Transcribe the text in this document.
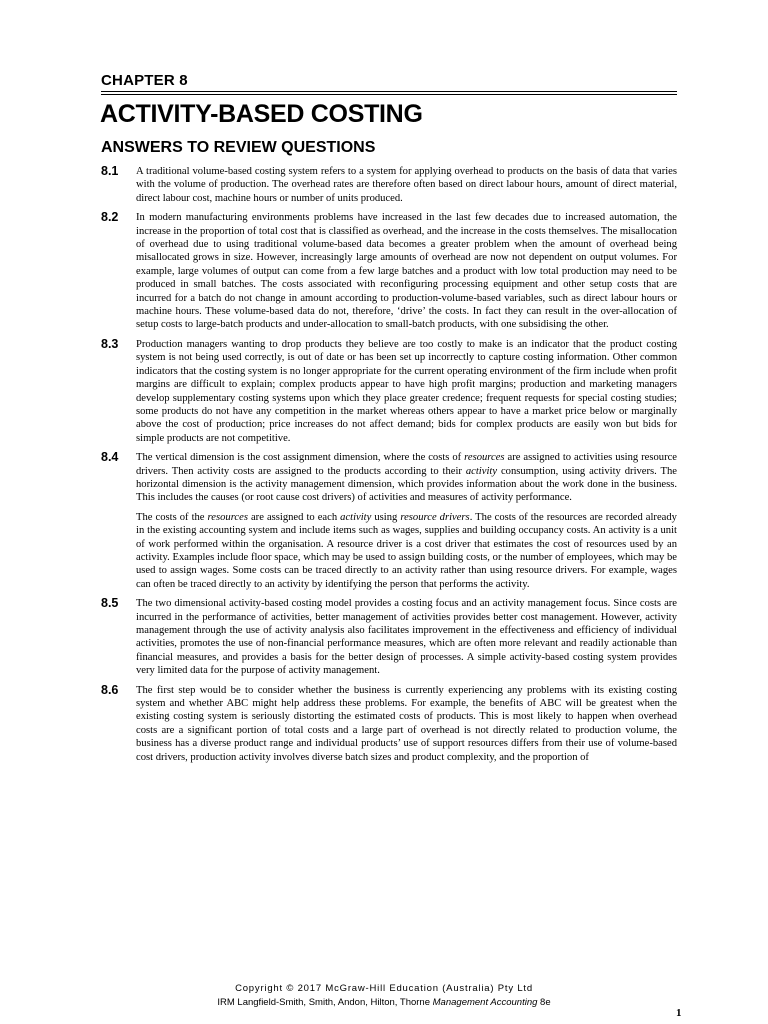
CHAPTER 8
ACTIVITY-BASED COSTING
ANSWERS TO REVIEW QUESTIONS
8.1	A traditional volume-based costing system refers to a system for applying overhead to products on the basis of data that varies with the volume of production. The overhead rates are therefore often based on direct labour hours, amount of direct material, direct labour cost, machine hours or number of units produced.

8.2	In modern manufacturing environments problems have increased in the last few decades due to increased automation, the increase in the proportion of total cost that is classified as overhead, and the increase in the costs themselves. The misallocation of overhead due to using traditional volume-based data becomes a greater problem when the amount of overhead being misallocated grows in size. However, increasingly large amounts of overhead are now not dependent on output volumes. For example, large volumes of output can come from a few large batches and a product with low total production may need to be produced in small batches. The costs associated with reconfiguring processing equipment and other setup costs that are incurred for a batch do not change in amount according to production-volume-based variables, such as direct labour hours or machine hours. These volume-based data do not, therefore, ‘drive’ the costs. In fact they can result in the over-allocation of setup costs to large-batch products and under-allocation to small-batch products, with one subsidising the other.

8.3	Production managers wanting to drop products they believe are too costly to make is an indicator that the product costing system is not being used correctly, is out of date or has been set up incorrectly to capture costing information. Other common indicators that the costing system is no longer appropriate for the current operating environment of the firm include when profit margins are difficult to explain; complex products appear to have high profit margins; production and marketing managers develop supplementary costing systems upon which they place greater credence; frequent requests for special costing studies; some products do not have any competition in the market whereas others appear to have a market price below or marginally above the cost of production; price increases do not affect demand; bids for complex products are easily won but bids for simple products are not competitive.

8.4	The vertical dimension is the cost assignment dimension, where the costs of resources are assigned to activities using resource drivers. Then activity costs are assigned to the products according to their activity consumption, using activity drivers. The horizontal dimension is the activity management dimension, which provides information about the work done in the business. This includes the causes (or root cause cost drivers) of activities and measures of activity performance.

The costs of the resources are assigned to each activity using resource drivers. The costs of the resources are recorded already in the existing accounting system and include items such as wages, supplies and building occupancy costs. An activity is a unit of work performed within the organisation. A resource driver is a cost driver that estimates the cost of resources used by an activity. Examples include floor space, which may be used to assign building costs, or the number of employees, which may be used to assign wages. Some costs can be traced directly to an activity rather than using resource drivers. For example, wages can often be traced directly to an activity by identifying the person that performs the activity.

8.5	The two dimensional activity-based costing model provides a costing focus and an activity management focus. Since costs are incurred in the performance of activities, better management of activities provides better cost management. However, activity management through the use of activity analysis also facilitates improvement in the effectiveness and efficiency of individual activities, promotes the use of non-financial performance measures, which are often more relevant and readily actionable than financial measures, and provides a basis for the better design of processes. A simple activity-based costing system provides very limited data for the purpose of activity management.

8.6	The first step would be to consider whether the business is currently experiencing any problems with its existing costing system and whether ABC might help address these problems. For example, the benefits of ABC will be greatest when the existing costing system is seriously distorting the estimated costs of products. This is most likely to happen when overhead costs are a significant portion of total costs and a large part of overhead is not directly related to production volume, the business has a diverse product range and individual products’ use of support resources differs from their use of volume-based cost drivers, production activity involves diverse batch sizes and product complexity, and the proportion of

Copyright © 2017 McGraw-Hill Education (Australia) Pty Ltd
IRM Langfield-Smith, Smith, Andon, Hilton, Thorne Management Accounting 8e
1
